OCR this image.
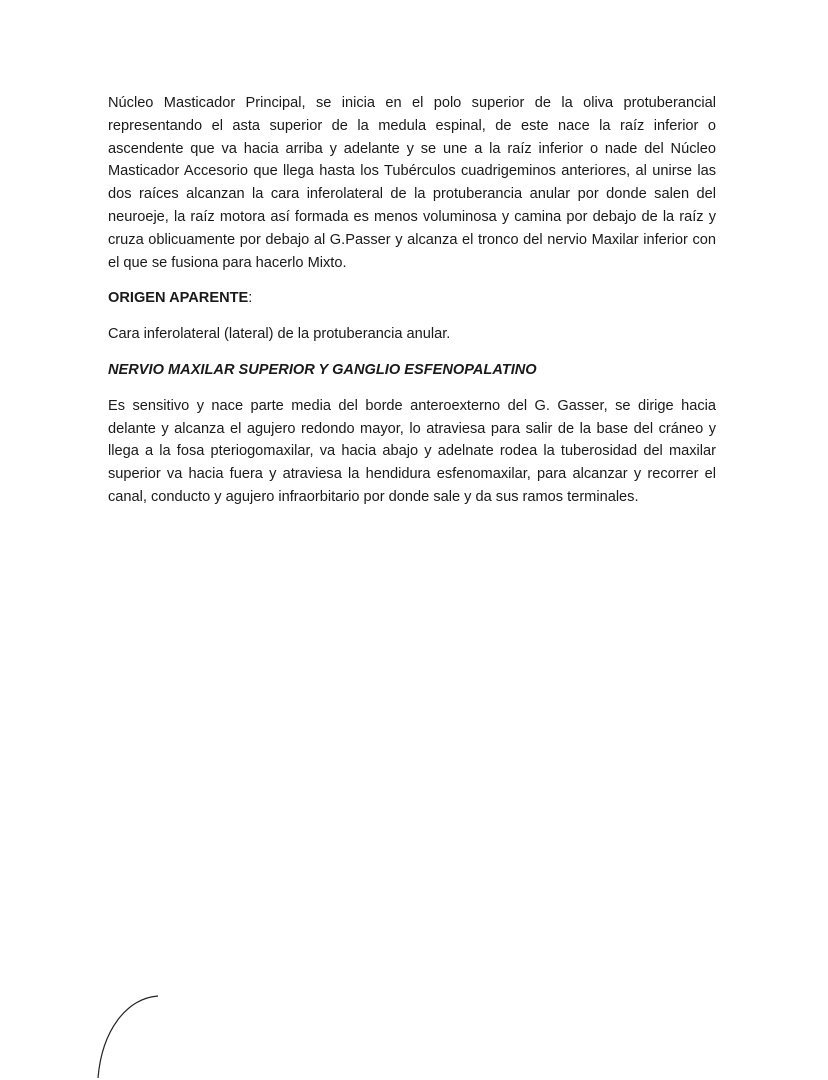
Núcleo Masticador Principal, se inicia en el polo superior de la oliva protuberancial representando el asta superior de la medula espinal, de este nace la raíz inferior o ascendente que va hacia arriba y adelante y se une a la raíz inferior o nade del Núcleo Masticador Accesorio que llega hasta los Tubérculos cuadrigeminos anteriores, al unirse las dos raíces alcanzan la cara inferolateral de la protuberancia anular por donde salen del neuroeje, la raíz motora así formada es menos voluminosa y camina por debajo de la raíz y cruza oblicuamente por debajo al G.Passer y alcanza el tronco del nervio Maxilar inferior con el que se fusiona para hacerlo Mixto.

ORIGEN APARENTE:

Cara inferolateral (lateral) de la protuberancia anular.

NERVIO MAXILAR SUPERIOR Y GANGLIO ESFENOPALATINO

Es sensitivo y nace parte media del borde anteroexterno del G. Gasser, se dirige hacia delante y alcanza el agujero redondo mayor, lo atraviesa para salir de la base del cráneo y llega a la fosa pteriogomaxilar, va hacia abajo y adelnate rodea la tuberosidad del maxilar superior va hacia fuera y atraviesa la hendidura esfenomaxilar, para alcanzar y recorrer el canal, conducto y agujero infraorbitario por donde sale y da sus ramos terminales.
